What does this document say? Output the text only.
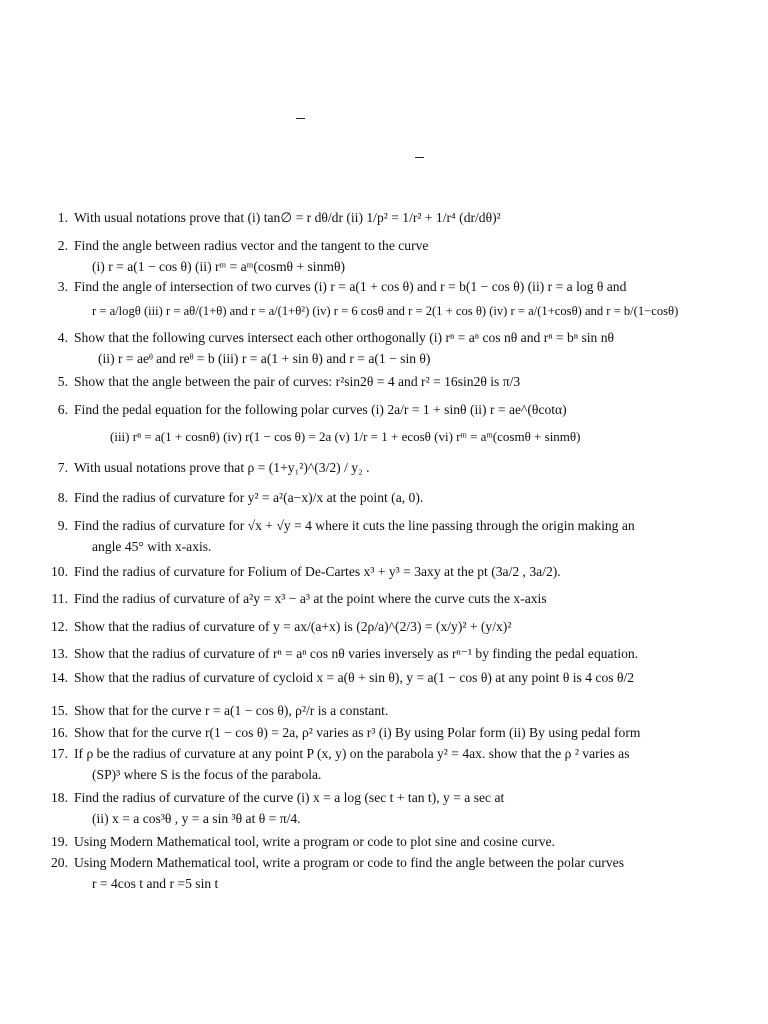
1. With usual notations prove that (i) tan∅ = r dθ/dr (ii) 1/p² = 1/r² + 1/r⁴ (dr/dθ)²
2. Find the angle between radius vector and the tangent to the curve
(i) r = a(1 − cos θ) (ii) rᵐ = aᵐ(cosmθ + sinmθ)
3. Find the angle of intersection of two curves (i) r = a(1 + cos θ) and r = b(1 − cos θ) (ii) r = a log θ and
r = a/logθ (iii) r = aθ/(1+θ) and r = a/(1+θ²) (iv) r = 6 cosθ and r = 2(1 + cos θ) (iv) r = a/(1+cosθ) and r = b/(1−cosθ)
4. Show that the following curves intersect each other orthogonally (i) rⁿ = aⁿ cos nθ and rⁿ = bⁿ sin nθ
(ii) r = aeᶿ and reᶿ = b (iii) r = a(1 + sin θ) and r = a(1 − sin θ)
5. Show that the angle between the pair of curves: r²sin2θ = 4 and r² = 16sin2θ is π/3
6. Find the pedal equation for the following polar curves (i) 2a/r = 1 + sinθ (ii) r = ae^(θcotα)
(iii) rⁿ = a(1 + cosnθ) (iv) r(1 − cos θ) = 2a (v) 1/r = 1 + ecosθ (vi) rᵐ = aᵐ(cosmθ + sinmθ)
7. With usual notations prove that ρ = (1+y₁²)^(3/2) / y₂ .
8. Find the radius of curvature for y² = a²(a−x)/x at the point (a, 0).
9. Find the radius of curvature for √x + √y = 4 where it cuts the line passing through the origin making an
angle 45° with x-axis.
10. Find the radius of curvature for Folium of De-Cartes x³ + y³ = 3axy at the pt (3a/2 , 3a/2).
11. Find the radius of curvature of a²y = x³ − a³ at the point where the curve cuts the x-axis
12. Show that the radius of curvature of y = ax/(a+x) is (2ρ/a)^(2/3) = (x/y)² + (y/x)²
13. Show that the radius of curvature of rⁿ = aⁿ cos nθ varies inversely as rⁿ⁻¹ by finding the pedal equation.
14. Show that the radius of curvature of cycloid x = a(θ + sin θ), y = a(1 − cos θ) at any point θ is 4 cos θ/2
15. Show that for the curve r = a(1 − cos θ), ρ²/r is a constant.
16. Show that for the curve r(1 − cos θ) = 2a, ρ² varies as r³ (i) By using Polar form (ii) By using pedal form
17. If ρ be the radius of curvature at any point P (x, y) on the parabola y² = 4ax. show that the ρ ² varies as
(SP)³ where S is the focus of the parabola.
18. Find the radius of curvature of the curve (i) x = a log (sec t + tan t), y = a sec at
(ii) x = a cos³θ , y = a sin ³θ at θ = π/4.
19. Using Modern Mathematical tool, write a program or code to plot sine and cosine curve.
20. Using Modern Mathematical tool, write a program or code to find the angle between the polar curves
r = 4cos t and r =5 sin t
